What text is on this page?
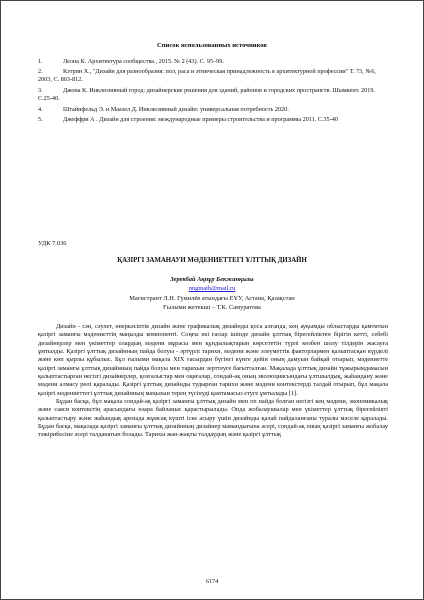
Список использованных источников
1.	Леона К. Архитектура сообщества., 2015. № 2 (43). С. 95–99.
2.	Кэтрин Х., "Дизайн для разнообразия: пол, раса и этническая принадлежность в архитектурной профессии" Т. 73, №6, 2003, С. 803-812.
3.	Джона К. Инклюзивный город: дизайнерские решения для зданий, районов и городских пространств. Шымкент. 2019. С.25-40.
4.	Штайнфельд Э. и Маазел Д. Инклюзивный дизайн: универсальная потребность 2020.
5.	Джеффри А . Дизайн для строения: международные примеры строительства и программы 2011. С.35-40
УДК 7.036
ҚАЗІРГІ ЗАМАНАУИ МӘДЕНИЕТТЕГІ ҰЛТТЫҚ ДИЗАЙН
Зерекбай Ақнұр Бекжанқызы
nngmath@mail.ru
Магистрант Л.Н. Гумилёв атындағы ЕҰУ, Астана, Қазақстан
Ғылыми жетекші – Т.К. Самуратова

Дизайн - сән, сәулет, өнеркәсіптік дизайн және графикалық дизайнды қоса алғанда, кең ауқымды облыстарды қамтитын қазіргі заманғы мәдениеттің маңызды компоненті. Соңғы екі ғасыр ішінде дизайн ұлттық бірегейліктен бірігін кетті, себебі дизайнерлер мен үкіметтер олардың мәдени мұрасы мен құндылықтарын көрсететін түрлі көзбен шолу тілдерін жасауға ұмтылды. Қазіргі ұлттық дизайнның пайда болуы - әртүрлі тарихи, мәдени және әлеуметтік факторлармен қалыптасқан күрделі және көп қырлы құбылыс. Бұл ғылыми мақала XIX ғасырдан бүгінгі күнге дейін оның дамуын байқай отырып, мәдениетте қазіргі заманғы ұлттық дизайнның пайда болуы мен тарихын зерттеуге бағытталған. Мақалада ұлттық дизайн тұжырымдамасын қалыптастырған негізгі дизайнерлер, қозғалыстар мен оқиғалар, сондай-ақ оның эволюциясындағы ұлтшылдық, жаһандану және мәдени алмасу рөлі қаралады. Қазіргі ұлттық дизайнды тудырған тарихи және мәдени контекстерді талдай отырып, бұл мақала қазіргі мәдениеттегі ұлттық дизайнның маңызын терең түсінуді қамтамасыз етуге ұмтылады [1].

Бұдан басқа, бұл мақала сондай-ақ қазіргі заманғы ұлттық дизайн мен оп пайда болған негізгі кең мәдени, экономикалық және саяси контекстің арасындағы өзара байланыс қарастырылады. Онда жобалаушылар мен үкіметтер ұлттық бірегейлікті қалыптастыру және жаһандық аренада жұмсақ күшті іске асыру үшін дизайнды қалай пайдаланғаны туралы мәселе қаралады. Бұдан басқа, мақалада қазіргі заманғы ұлттық дизайнның дизайнер мамандығына әсері, сондай-ақ оның қазіргі заманғы жобалау тәжірибесіне әсері талданатын болады. Тарихы жан-жақты талдаудың және қазіргі ұлттық

6174
